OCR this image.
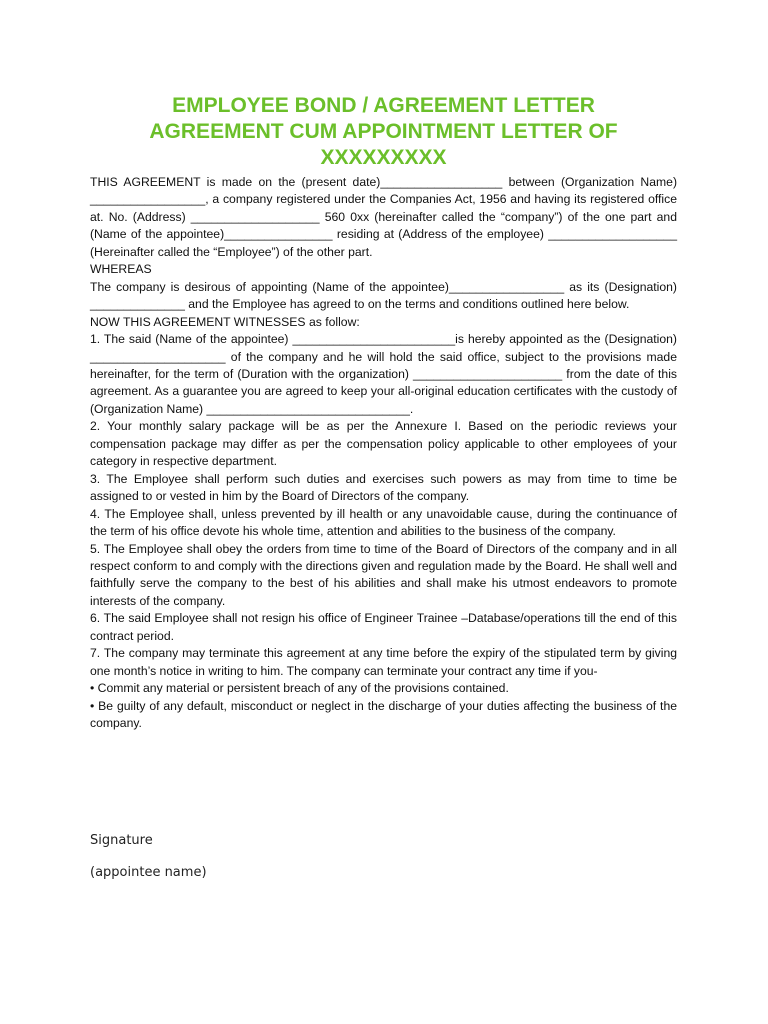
EMPLOYEE BOND / AGREEMENT LETTER
AGREEMENT CUM APPOINTMENT LETTER OF
XXXXXXXXX

THIS AGREEMENT is made on the (present date)__________________ between (Organization Name) _________________, a company registered under the Companies Act, 1956 and having its registered office at. No. (Address) ___________________ 560 0xx (hereinafter called the “company”) of the one part and (Name of the appointee)________________ residing at (Address of the employee) ___________________ (Hereinafter called the “Employee”) of the other part.

WHEREAS

The company is desirous of appointing (Name of the appointee)_________________ as its (Designation) ______________ and the Employee has agreed to on the terms and conditions outlined here below.

NOW THIS AGREEMENT WITNESSES as follow:

1. The said (Name of the appointee) ________________________is hereby appointed as the (Designation) ____________________ of the company and he will hold the said office, subject to the provisions made hereinafter, for the term of (Duration with the organization) ______________________ from the date of this agreement. As a guarantee you are agreed to keep your all-original education certificates with the custody of (Organization Name) ______________________________.

2. Your monthly salary package will be as per the Annexure I. Based on the periodic reviews your compensation package may differ as per the compensation policy applicable to other employees of your category in respective department.

3. The Employee shall perform such duties and exercises such powers as may from time to time be assigned to or vested in him by the Board of Directors of the company.

4. The Employee shall, unless prevented by ill health or any unavoidable cause, during the continuance of the term of his office devote his whole time, attention and abilities to the business of the company.

5. The Employee shall obey the orders from time to time of the Board of Directors of the company and in all respect conform to and comply with the directions given and regulation made by the Board. He shall well and faithfully serve the company to the best of his abilities and shall make his utmost endeavors to promote interests of the company.

6. The said Employee shall not resign his office of Engineer Trainee –Database/operations till the end of this contract period.

7. The company may terminate this agreement at any time before the expiry of the stipulated term by giving one month’s notice in writing to him. The company can terminate your contract any time if you-

• Commit any material or persistent breach of any of the provisions contained.

• Be guilty of any default, misconduct or neglect in the discharge of your duties affecting the business of the company.

Signature

(appointee name)
